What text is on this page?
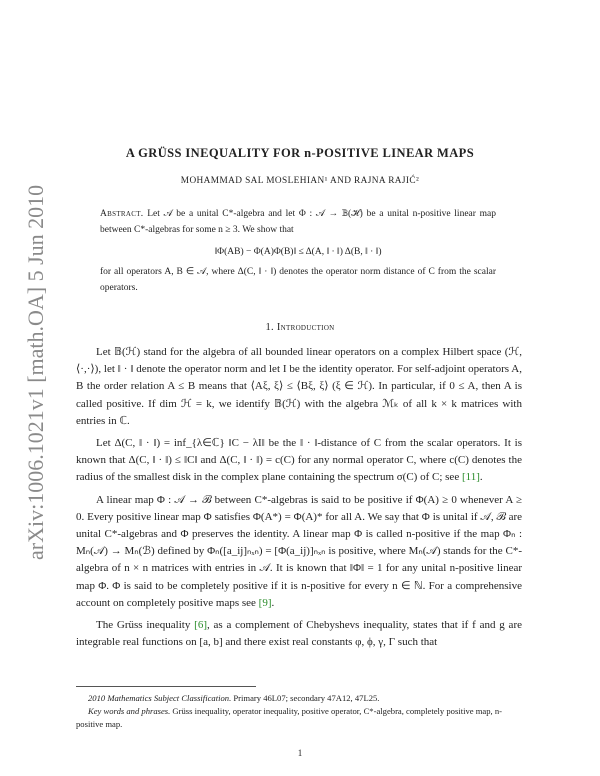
arXiv:1006.1021v1 [math.OA] 5 Jun 2010
A GRÜSS INEQUALITY FOR n-POSITIVE LINEAR MAPS
MOHAMMAD SAL MOSLEHIAN¹ AND RAJNA RAJIĆ²
Abstract. Let 𝒜 be a unital C*-algebra and let Φ : 𝒜 → 𝔹(ℋ) be a unital n-positive linear map between C*-algebras for some n ≥ 3. We show that
‖Φ(AB) − Φ(A)Φ(B)‖ ≤ Δ(A, ‖ · ‖) Δ(B, ‖ · ‖)
for all operators A, B ∈ 𝒜, where Δ(C, ‖ · ‖) denotes the operator norm distance of C from the scalar operators.
1. Introduction

Let 𝔹(ℋ) stand for the algebra of all bounded linear operators on a complex Hilbert space (ℋ, ⟨·,·⟩), let ‖ · ‖ denote the operator norm and let I be the identity operator. For self-adjoint operators A, B the order relation A ≤ B means that ⟨Aξ, ξ⟩ ≤ ⟨Bξ, ξ⟩ (ξ ∈ ℋ). In particular, if 0 ≤ A, then A is called positive. If dim ℋ = k, we identify 𝔹(ℋ) with the algebra ℳₖ of all k × k matrices with entries in ℂ.

Let Δ(C, ‖ · ‖) = inf_{λ∈ℂ} ‖C − λI‖ be the ‖ · ‖-distance of C from the scalar operators. It is known that Δ(C, ‖ · ‖) ≤ ‖C‖ and Δ(C, ‖ · ‖) = c(C) for any normal operator C, where c(C) denotes the radius of the smallest disk in the complex plane containing the spectrum σ(C) of C; see [11].

A linear map Φ : 𝒜 → ℬ between C*-algebras is said to be positive if Φ(A) ≥ 0 whenever A ≥ 0. Every positive linear map Φ satisfies Φ(A*) = Φ(A)* for all A. We say that Φ is unital if 𝒜, ℬ are unital C*-algebras and Φ preserves the identity. A linear map Φ is called n-positive if the map Φₙ : Mₙ(𝒜) → Mₙ(ℬ) defined by Φₙ([a_ij]ₙₓₙ) = [Φ(a_ij)]ₙₓₙ is positive, where Mₙ(𝒜) stands for the C*-algebra of n × n matrices with entries in 𝒜. It is known that ‖Φ‖ = 1 for any unital n-positive linear map Φ. Φ is said to be completely positive if it is n-positive for every n ∈ ℕ. For a comprehensive account on completely positive maps see [9].

The Grüss inequality [6], as a complement of Chebyshevs inequality, states that if f and g are integrable real functions on [a, b] and there exist real constants φ, ϕ, γ, Γ such that

2010 Mathematics Subject Classification. Primary 46L07; secondary 47A12, 47L25.

Key words and phrases. Grüss inequality, operator inequality, positive operator, C*-algebra, completely positive map, n-positive map.

1
